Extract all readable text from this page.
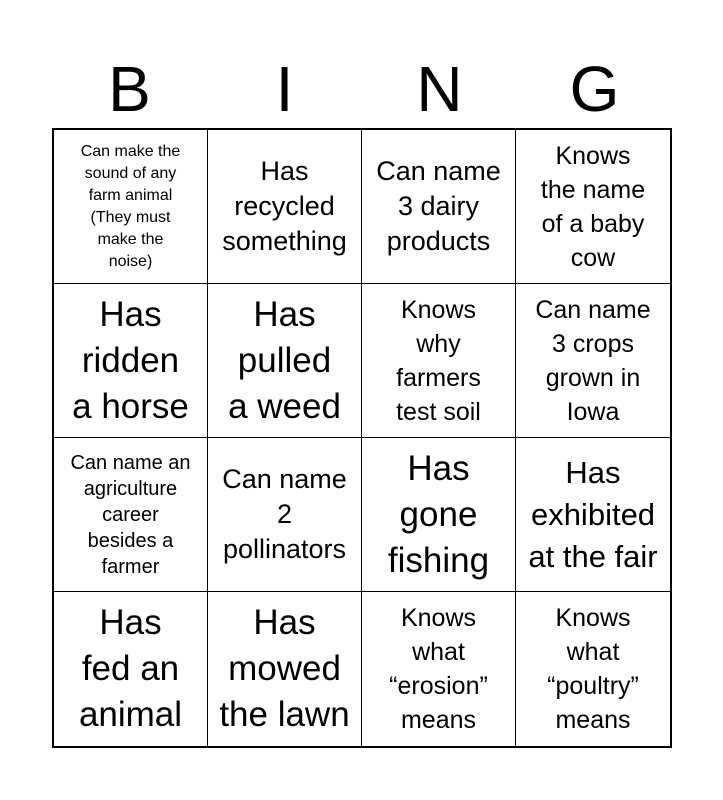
B	I	N	G
Can make the
sound of any
farm animal
(They must
make the
noise)
Has
recycled
something
Can name
3 dairy
products
Knows
the name
of a baby
cow
Has
ridden
a horse
Has
pulled
a weed
Knows
why
farmers
test soil
Can name
3 crops
grown in
Iowa
Can name an
agriculture
career
besides a
farmer
Can name
2
pollinators
Has
gone
fishing
Has
exhibited
at the fair
Has
fed an
animal
Has
mowed
the lawn
Knows
what
“erosion”
means
Knows
what
“poultry”
means
